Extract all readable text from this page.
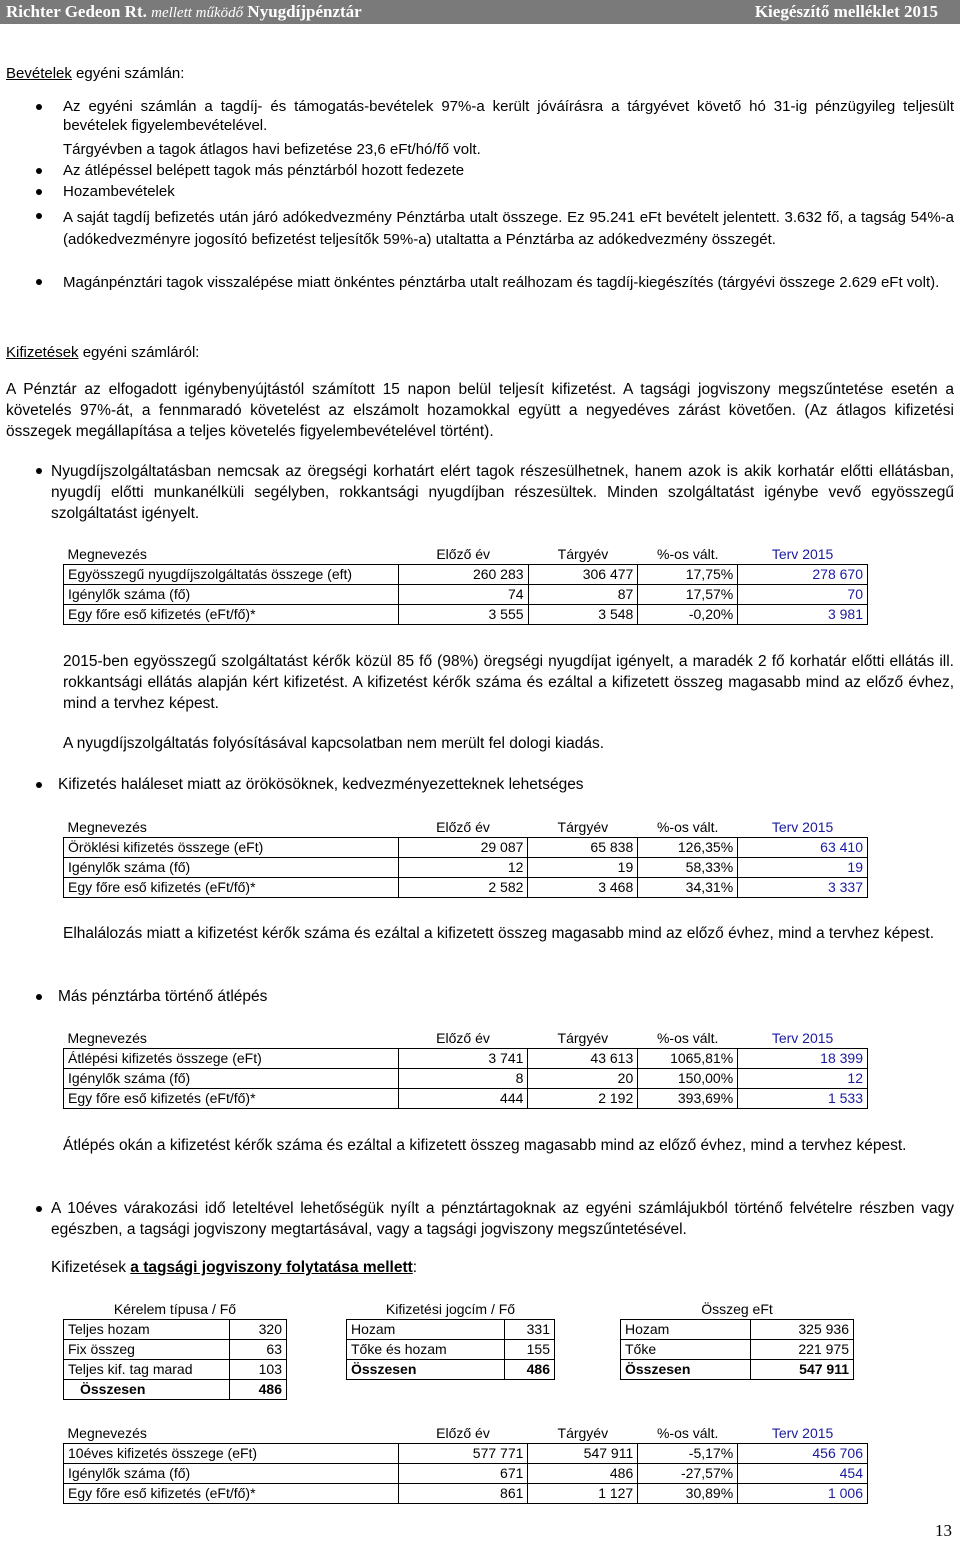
Richter Gedeon Rt. mellett működő Nyugdíjpénztár	Kiegészítő melléklet 2015
Bevételek egyéni számlán:
Az egyéni számlán a tagdíj- és támogatás-bevételek 97%-a került jóváírásra a tárgyévet követő hó 31-ig pénzügyileg teljesült bevételek figyelembevételével.
Tárgyévben a tagok átlagos havi befizetése 23,6 eFt/hó/fő volt.
Az átlépéssel belépett tagok más pénztárból hozott fedezete
Hozambevételek
A saját tagdíj befizetés után járó adókedvezmény Pénztárba utalt összege. Ez 95.241 eFt bevételt jelentett. 3.632 fő, a tagság 54%-a (adókedvezményre jogosító befizetést teljesítők 59%-a) utaltatta a Pénztárba az adókedvezmény összegét.
Magánpénztári tagok visszalépése miatt önkéntes pénztárba utalt reálhozam és tagdíj-kiegészítés (tárgyévi összege 2.629 eFt volt).
Kifizetések egyéni számláról:
A Pénztár az elfogadott igénybenyújtástól számított 15 napon belül teljesít kifizetést. A tagsági jogviszony megszűntetése esetén a követelés 97%-át, a fennmaradó követelést az elszámolt hozamokkal együtt a negyedéves zárást követően. (Az átlagos kifizetési összegek megállapítása a teljes követelés figyelembevételével történt).
Nyugdíjszolgáltatásban nemcsak az öregségi korhatárt elért tagok részesülhetnek, hanem azok is akik korhatár előtti ellátásban, nyugdíj előtti munkanélküli segélyben, rokkantsági nyugdíjban részesültek. Minden szolgáltatást igénybe vevő egyösszegű szolgáltatást igényelt.
Megnevezés	Előző év	Tárgyév	%-os vált.	Terv 2015
Egyösszegű nyugdíjszolgáltatás összege (eft)	260 283	306 477	17,75%	278 670
Igénylők száma (fő)	74	87	17,57%	70
Egy főre eső kifizetés (eFt/fő)*	3 555	3 548	-0,20%	3 981
2015-ben egyösszegű szolgáltatást kérők közül 85 fő (98%) öregségi nyugdíjat igényelt, a maradék 2 fő korhatár előtti ellátás ill. rokkantsági ellátás alapján kért kifizetést. A kifizetést kérők száma és ezáltal a kifizetett összeg magasabb mind az előző évhez, mind a tervhez képest.
A nyugdíjszolgáltatás folyósításával kapcsolatban nem merült fel dologi kiadás.
Kifizetés haláleset miatt az örökösöknek, kedvezményezetteknek lehetséges
Megnevezés	Előző év	Tárgyév	%-os vált.	Terv 2015
Öröklési kifizetés összege (eFt)	29 087	65 838	126,35%	63 410
Igénylők száma (fő)	12	19	58,33%	19
Egy főre eső kifizetés (eFt/fő)*	2 582	3 468	34,31%	3 337
Elhalálozás miatt a kifizetést kérők száma és ezáltal a kifizetett összeg magasabb mind az előző évhez, mind a tervhez képest.
Más pénztárba történő átlépés
Megnevezés	Előző év	Tárgyév	%-os vált.	Terv 2015
Átlépési kifizetés összege (eFt)	3 741	43 613	1065,81%	18 399
Igénylők száma (fő)	8	20	150,00%	12
Egy főre eső kifizetés (eFt/fő)*	444	2 192	393,69%	1 533
Átlépés okán a kifizetést kérők száma és ezáltal a kifizetett összeg magasabb mind az előző évhez, mind a tervhez képest.
A 10éves várakozási idő leteltével lehetőségük nyílt a pénztártagoknak az egyéni számlájukból történő felvételre részben vagy egészben, a tagsági jogviszony megtartásával, vagy a tagsági jogviszony megszűntetésével.
Kifizetések a tagsági jogviszony folytatása mellett:
Kérelem típusa / Fő	
Teljes hozam	320
Fix összeg	63
Teljes kif. tag marad	103
Összesen	486
Kifizetési jogcím / Fő	
Hozam	331
Tőke és hozam	155
Összesen	486
Összeg eFt	
Hozam	325 936
Tőke	221 975
Összesen	547 911
Megnevezés	Előző év	Tárgyév	%-os vált.	Terv 2015
10éves kifizetés összege (eFt)	577 771	547 911	-5,17%	456 706
Igénylők száma (fő)	671	486	-27,57%	454
Egy főre eső kifizetés (eFt/fő)*	861	1 127	30,89%	1 006
13
